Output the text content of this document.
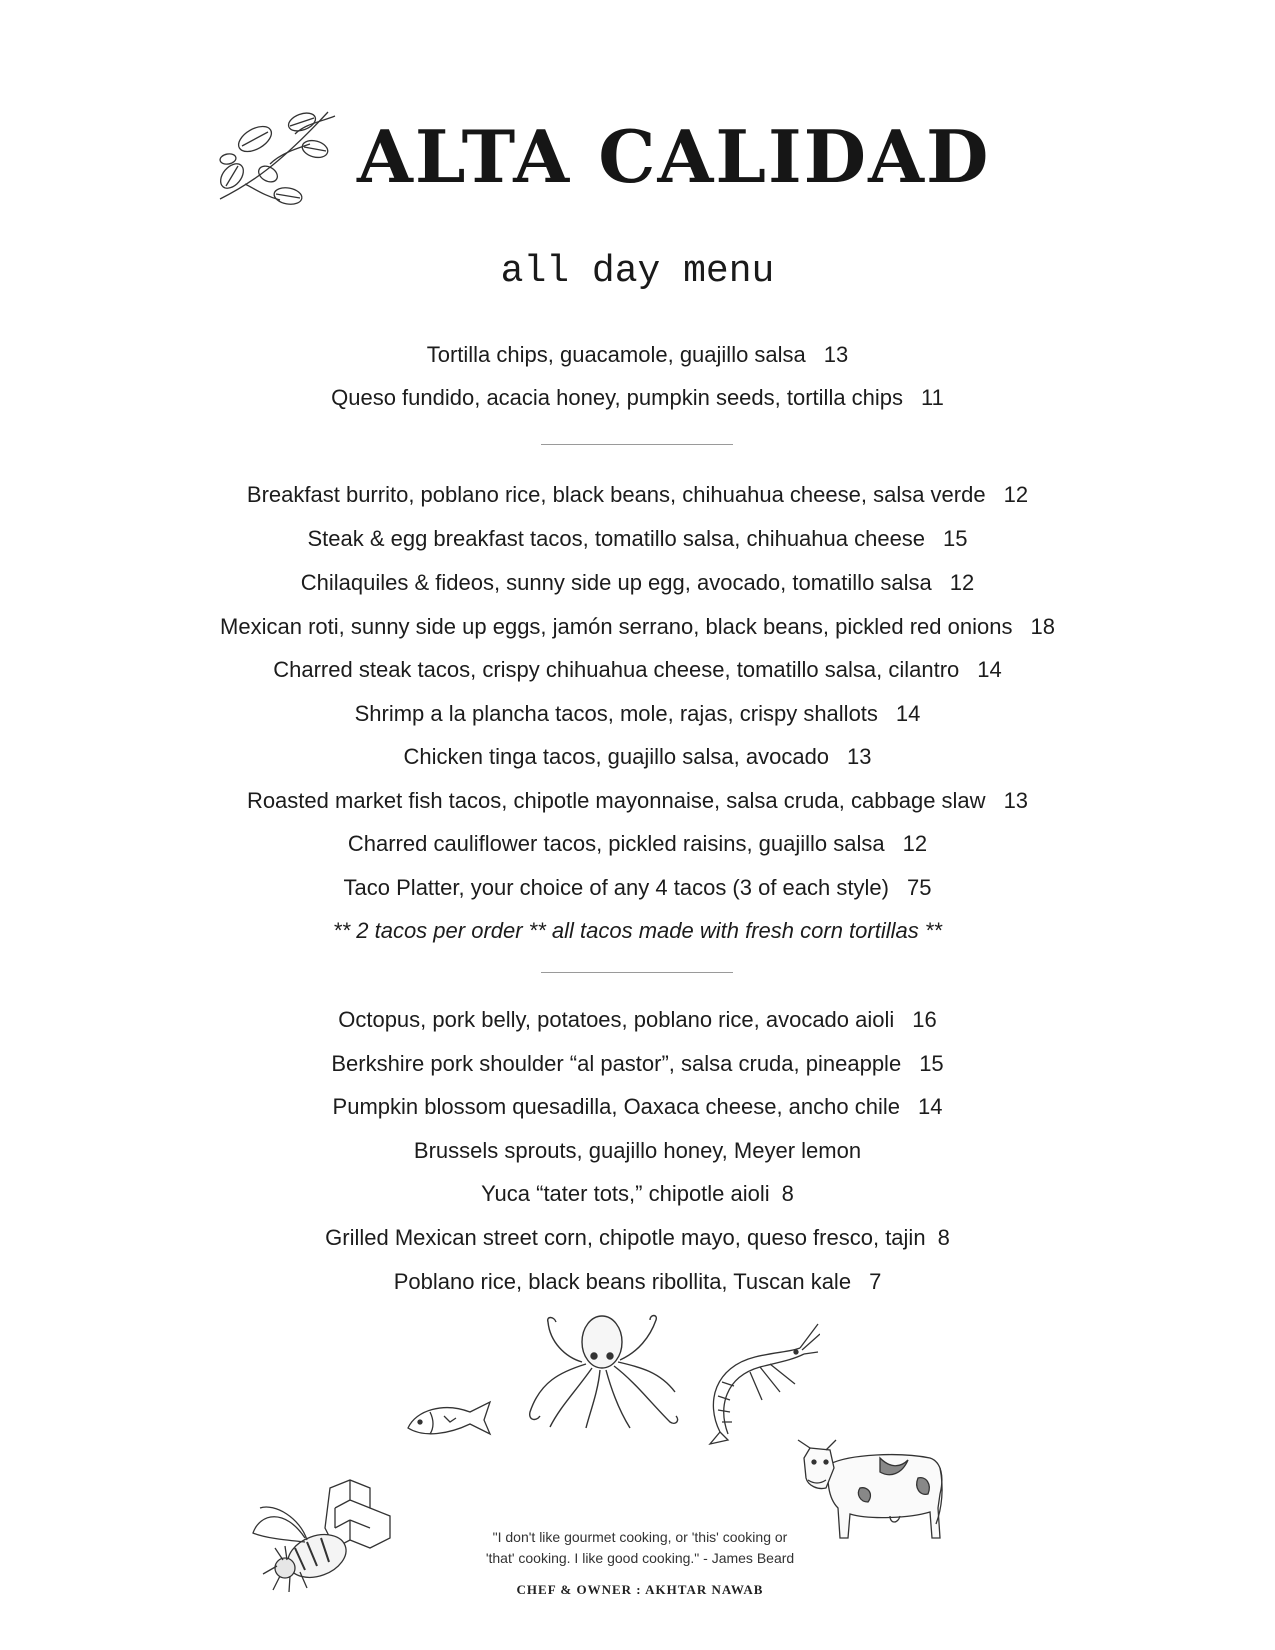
ALTA CALIDAD
all day menu
Tortilla chips, guacamole, guajillo salsa 13
Queso fundido, acacia honey, pumpkin seeds, tortilla chips 11
Breakfast burrito, poblano rice, black beans, chihuahua cheese, salsa verde 12
Steak & egg breakfast tacos, tomatillo salsa, chihuahua cheese 15
Chilaquiles & fideos, sunny side up egg, avocado, tomatillo salsa 12
Mexican roti, sunny side up eggs, jamón serrano, black beans, pickled red onions 18
Charred steak tacos, crispy chihuahua cheese, tomatillo salsa, cilantro 14
Shrimp a la plancha tacos, mole, rajas, crispy shallots 14
Chicken tinga tacos, guajillo salsa, avocado 13
Roasted market fish tacos, chipotle mayonnaise, salsa cruda, cabbage slaw 13
Charred cauliflower tacos, pickled raisins, guajillo salsa 12
Taco Platter, your choice of any 4 tacos (3 of each style) 75
** 2 tacos per order ** all tacos made with fresh corn tortillas **
Octopus, pork belly, potatoes, poblano rice, avocado aioli 16
Berkshire pork shoulder “al pastor”, salsa cruda, pineapple 15
Pumpkin blossom quesadilla, Oaxaca cheese, ancho chile 14
Brussels sprouts, guajillo honey, Meyer lemon
Yuca “tater tots,” chipotle aioli 8
Grilled Mexican street corn, chipotle mayo, queso fresco, tajin 8
Poblano rice, black beans ribollita, Tuscan kale 7
"I don't like gourmet cooking, or 'this' cooking or
'that' cooking. I like good cooking." - James Beard
CHEF & OWNER : AKHTAR NAWAB
